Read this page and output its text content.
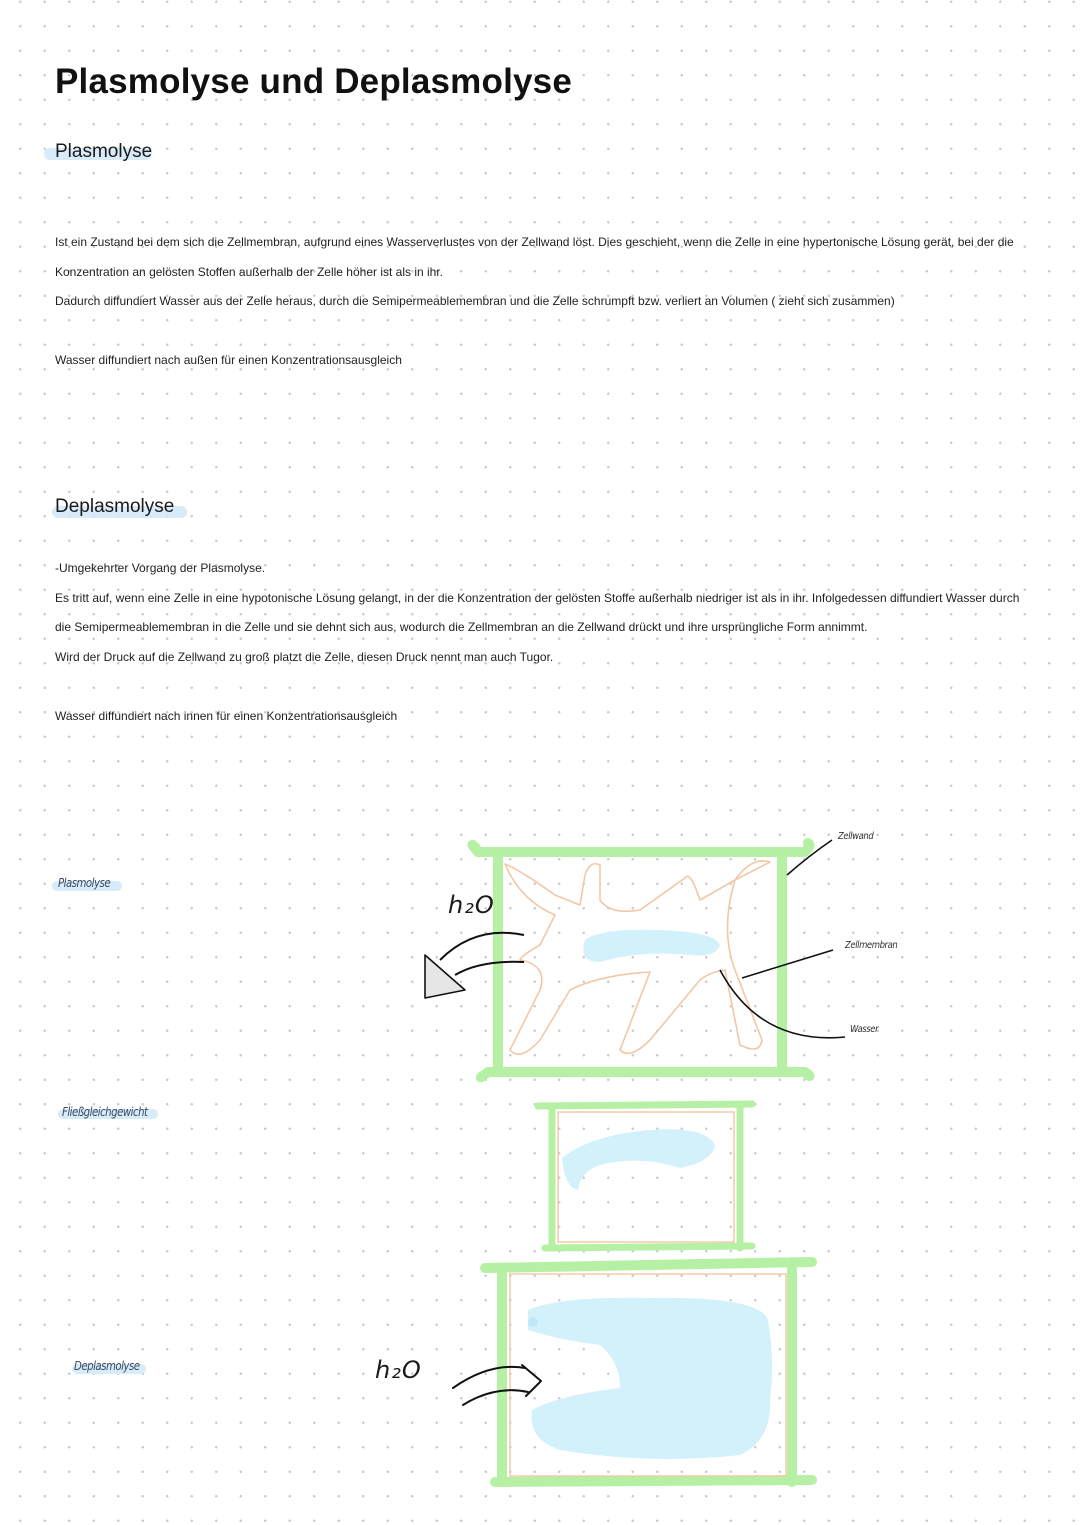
Plasmolyse und Deplasmolyse
Plasmolyse

Ist ein Zustand bei dem sich die Zellmembran, aufgrund eines Wasserverlustes von der Zellwand löst. Dies geschieht, wenn die Zelle in eine hypertonische Lösung gerät, bei der die
Konzentration an gelösten Stoffen außerhalb der Zelle höher ist als in ihr.
Dadurch diffundiert Wasser aus der Zelle heraus, durch die Semipermeablemembran und die Zelle schrumpft bzw. verliert an Volumen ( zieht sich zusammen)

Wasser diffundiert nach außen für einen Konzentrationsausgleich

Deplasmolyse

-Umgekehrter Vorgang der Plasmolyse.
Es tritt auf, wenn eine Zelle in eine hypotonische Lösung gelangt, in der die Konzentration der gelösten Stoffe außerhalb niedriger ist als in ihr. Infolgedessen diffundiert Wasser durch
die Semipermeablemembran in die Zelle und sie dehnt sich aus, wodurch die Zellmembran an die Zellwand drückt und ihre ursprüngliche Form annimmt.
Wird der Druck auf die Zellwand zu groß platzt die Zelle, diesen Druck nennt man auch Tugor.

Wasser diffundiert nach innen für einen Konzentrationsausgleich

Plasmolyse

Fließgleichgewicht

Deplasmolyse

Zellwand

Zellmembran

Wasser

h₂O

h₂O
